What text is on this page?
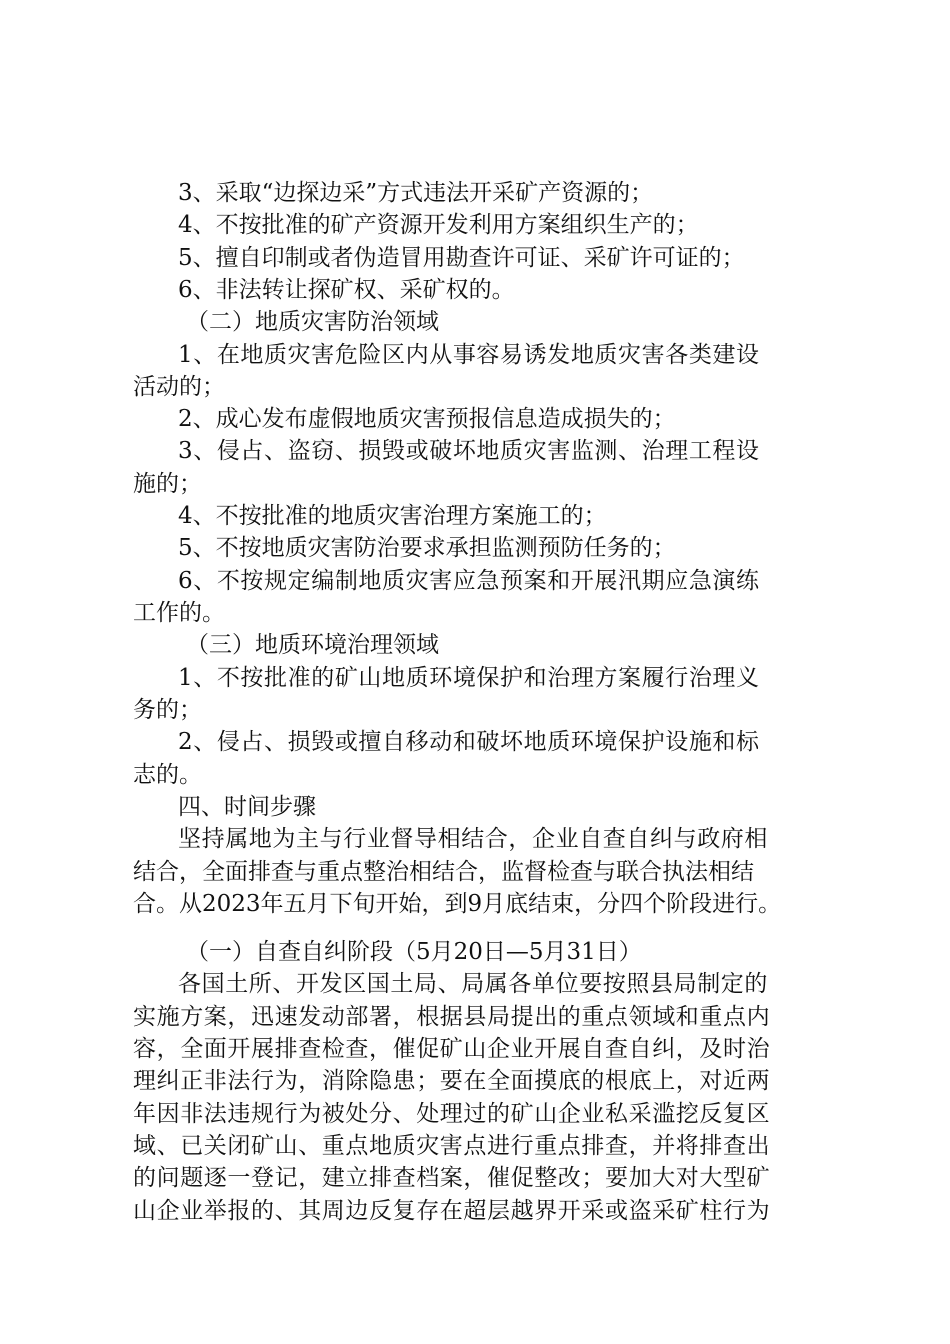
3、采取“边探边采”方式违法开采矿产资源的；
4、不按批准的矿产资源开发利用方案组织生产的；
5、擅自印制或者伪造冒用勘查许可证、采矿许可证的；
6、非法转让探矿权、采矿权的。
（二）地质灾害防治领域
1、在地质灾害危险区内从事容易诱发地质灾害各类建设
活动的；
2、成心发布虚假地质灾害预报信息造成损失的；
3、侵占、盗窃、损毁或破坏地质灾害监测、治理工程设
施的；
4、不按批准的地质灾害治理方案施工的；
5、不按地质灾害防治要求承担监测预防任务的；
6、不按规定编制地质灾害应急预案和开展汛期应急演练
工作的。
（三）地质环境治理领域
1、不按批准的矿山地质环境保护和治理方案履行治理义
务的；
2、侵占、损毁或擅自移动和破坏地质环境保护设施和标
志的。
四、时间步骤
坚持属地为主与行业督导相结合，企业自查自纠与政府相
结合，全面排查与重点整治相结合，监督检查与联合执法相结
合。从2023年五月下旬开始，到9月底结束，分四个阶段进行。
（一）自查自纠阶段（5月20日—5月31日）
各国土所、开发区国土局、局属各单位要按照县局制定的
实施方案，迅速发动部署，根据县局提出的重点领域和重点内
容，全面开展排查检查，催促矿山企业开展自查自纠，及时治
理纠正非法行为，消除隐患；要在全面摸底的根底上，对近两
年因非法违规行为被处分、处理过的矿山企业私采滥挖反复区
域、已关闭矿山、重点地质灾害点进行重点排查，并将排查出
的问题逐一登记，建立排查档案，催促整改；要加大对大型矿
山企业举报的、其周边反复存在超层越界开采或盗采矿柱行为
